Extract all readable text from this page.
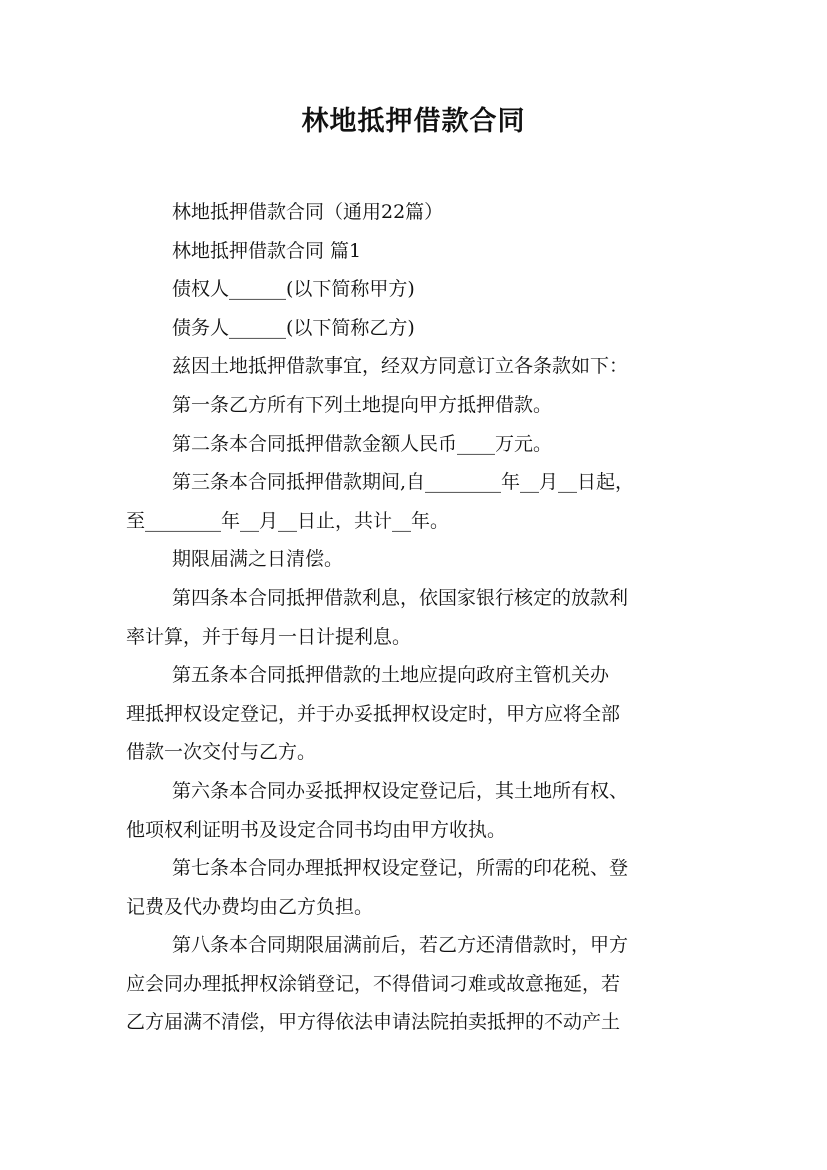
林地抵押借款合同

林地抵押借款合同（通用22篇）

林地抵押借款合同 篇1

债权人______(以下简称甲方)

债务人______(以下简称乙方)

兹因土地抵押借款事宜，经双方同意订立各条款如下：

第一条乙方所有下列土地提向甲方抵押借款。

第二条本合同抵押借款金额人民币____万元。

第三条本合同抵押借款期间,自________年__月__日起，

至________年__月__日止，共计__年。

期限届满之日清偿。

第四条本合同抵押借款利息，依国家银行核定的放款利

率计算，并于每月一日计提利息。

第五条本合同抵押借款的土地应提向政府主管机关办

理抵押权设定登记，并于办妥抵押权设定时，甲方应将全部

借款一次交付与乙方。

第六条本合同办妥抵押权设定登记后，其土地所有权、

他项权利证明书及设定合同书均由甲方收执。

第七条本合同办理抵押权设定登记，所需的印花税、登

记费及代办费均由乙方负担。

第八条本合同期限届满前后，若乙方还清借款时，甲方

应会同办理抵押权涂销登记，不得借词刁难或故意拖延，若

乙方届满不清偿，甲方得依法申请法院拍卖抵押的不动产土
